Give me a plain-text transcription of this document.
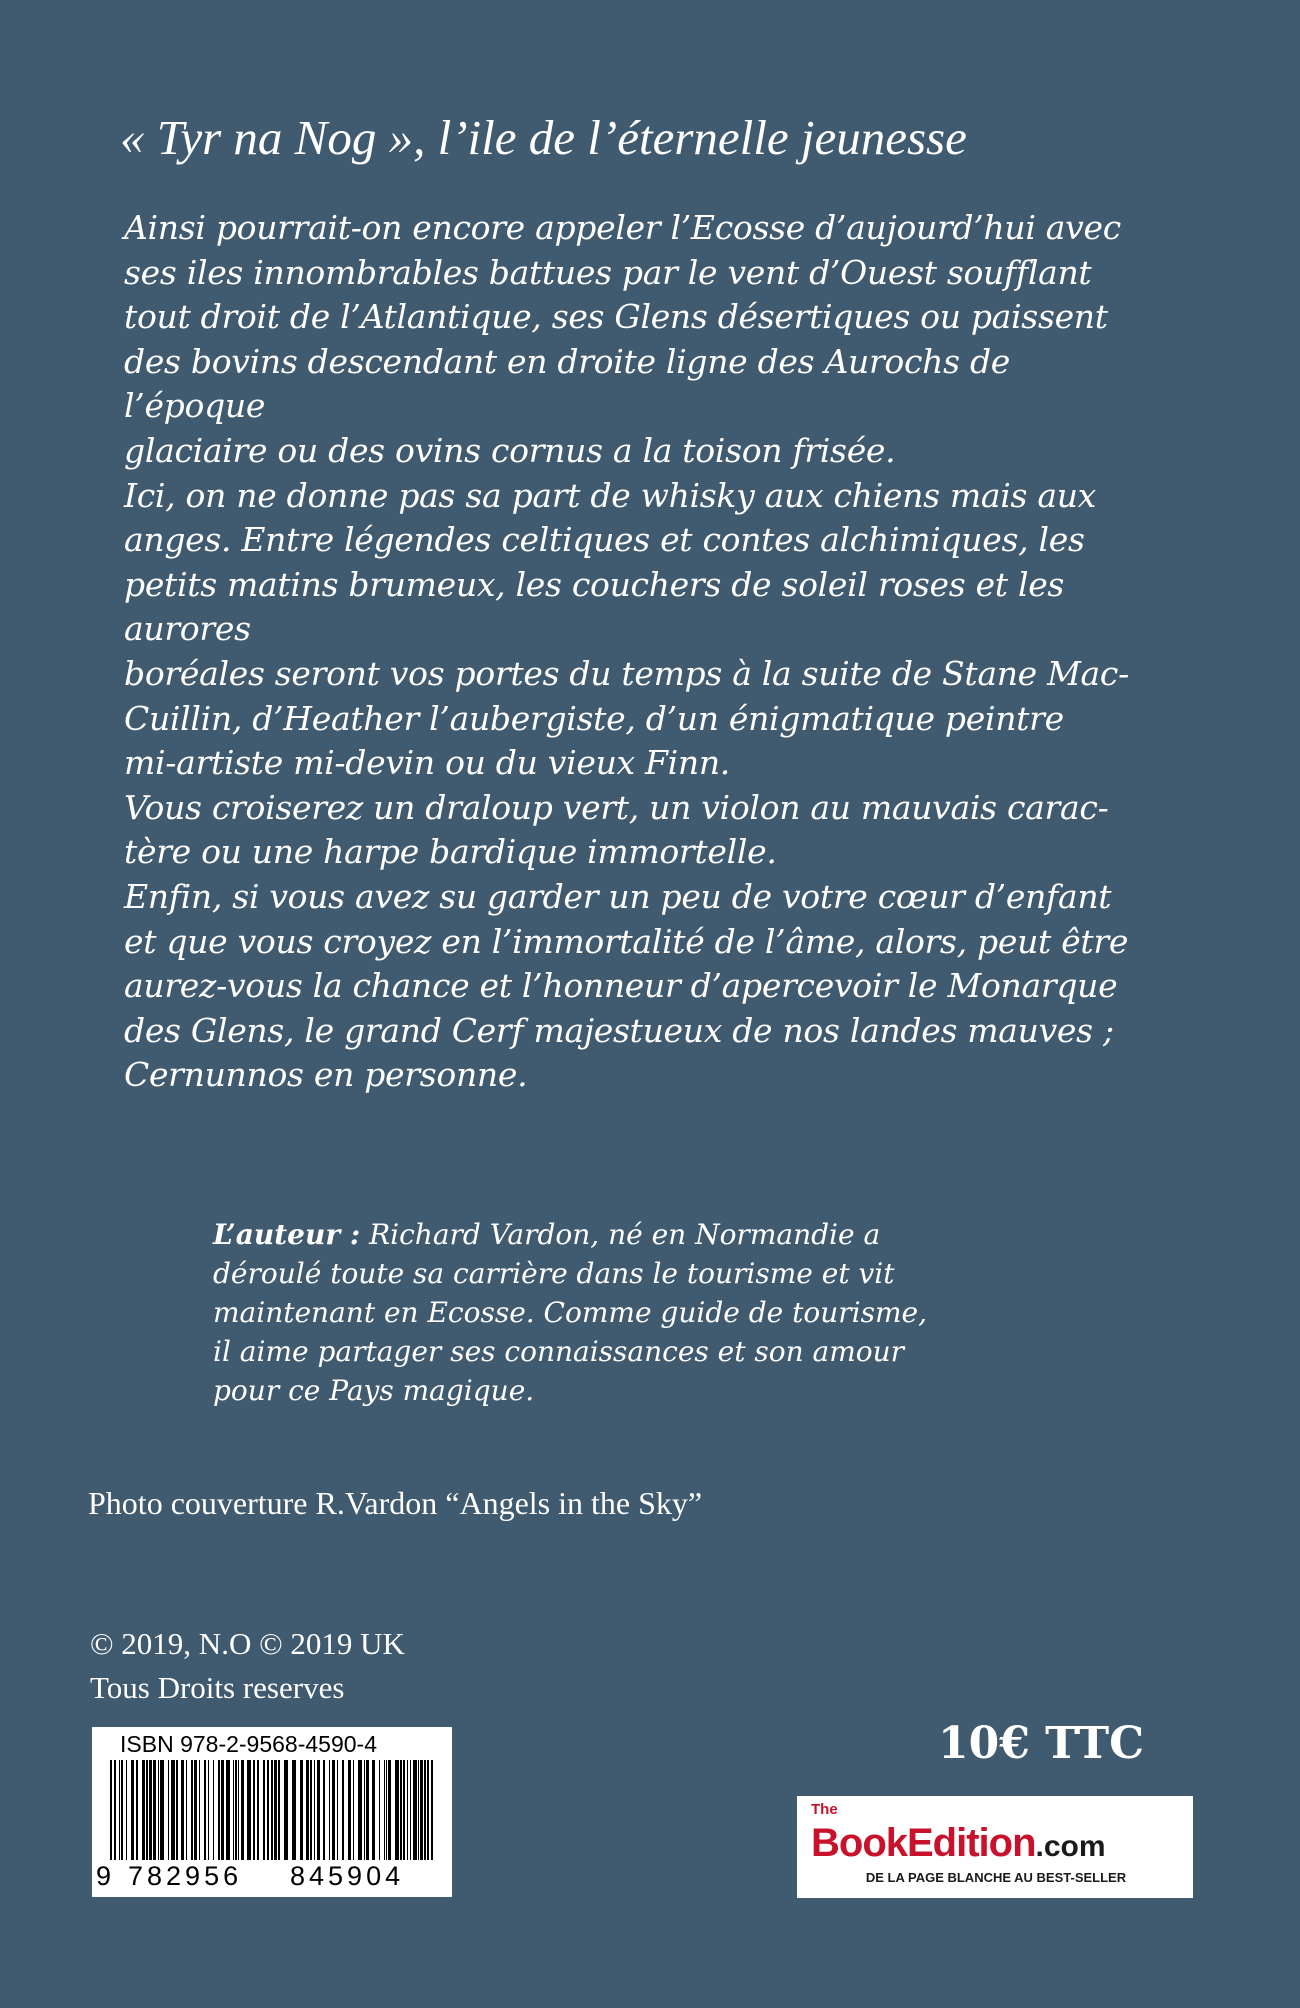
« Tyr na Nog », l’ile de l’éternelle jeunesse
Ainsi pourrait-on encore appeler l’Ecosse d’aujourd’hui avec
ses iles innombrables battues par le vent d’Ouest soufflant
tout droit de l’Atlantique, ses Glens désertiques ou paissent
des bovins descendant en droite ligne des Aurochs de
l’époque
glaciaire ou des ovins cornus a la toison frisée.
Ici, on ne donne pas sa part de whisky aux chiens mais aux
anges. Entre légendes celtiques et contes alchimiques, les
petits matins brumeux, les couchers de soleil roses et les
aurores
boréales seront vos portes du temps à la suite de Stane Mac-
Cuillin, d’Heather l’aubergiste, d’un énigmatique peintre
mi-artiste mi-devin ou du vieux Finn.
Vous croiserez un draloup vert, un violon au mauvais carac-
tère ou une harpe bardique immortelle.
Enfin, si vous avez su garder un peu de votre cœur d’enfant
et que vous croyez en l’immortalité de l’âme, alors, peut être
aurez-vous la chance et l’honneur d’apercevoir le Monarque
des Glens, le grand Cerf majestueux de nos landes mauves ;
Cernunnos en personne.
L’auteur : Richard Vardon, né en Normandie a
déroulé toute sa carrière dans le tourisme et vit
maintenant en Ecosse. Comme guide de tourisme,
il aime partager ses connaissances et son amour
pour ce Pays magique.
Photo couverture R.Vardon “Angels in the Sky”
© 2019, N.O © 2019 UK
Tous Droits reserves
ISBN 978-2-9568-4590-4
9 782956 845904
10€ TTC
The
BookEdition.com
DE LA PAGE BLANCHE AU BEST-SELLER
